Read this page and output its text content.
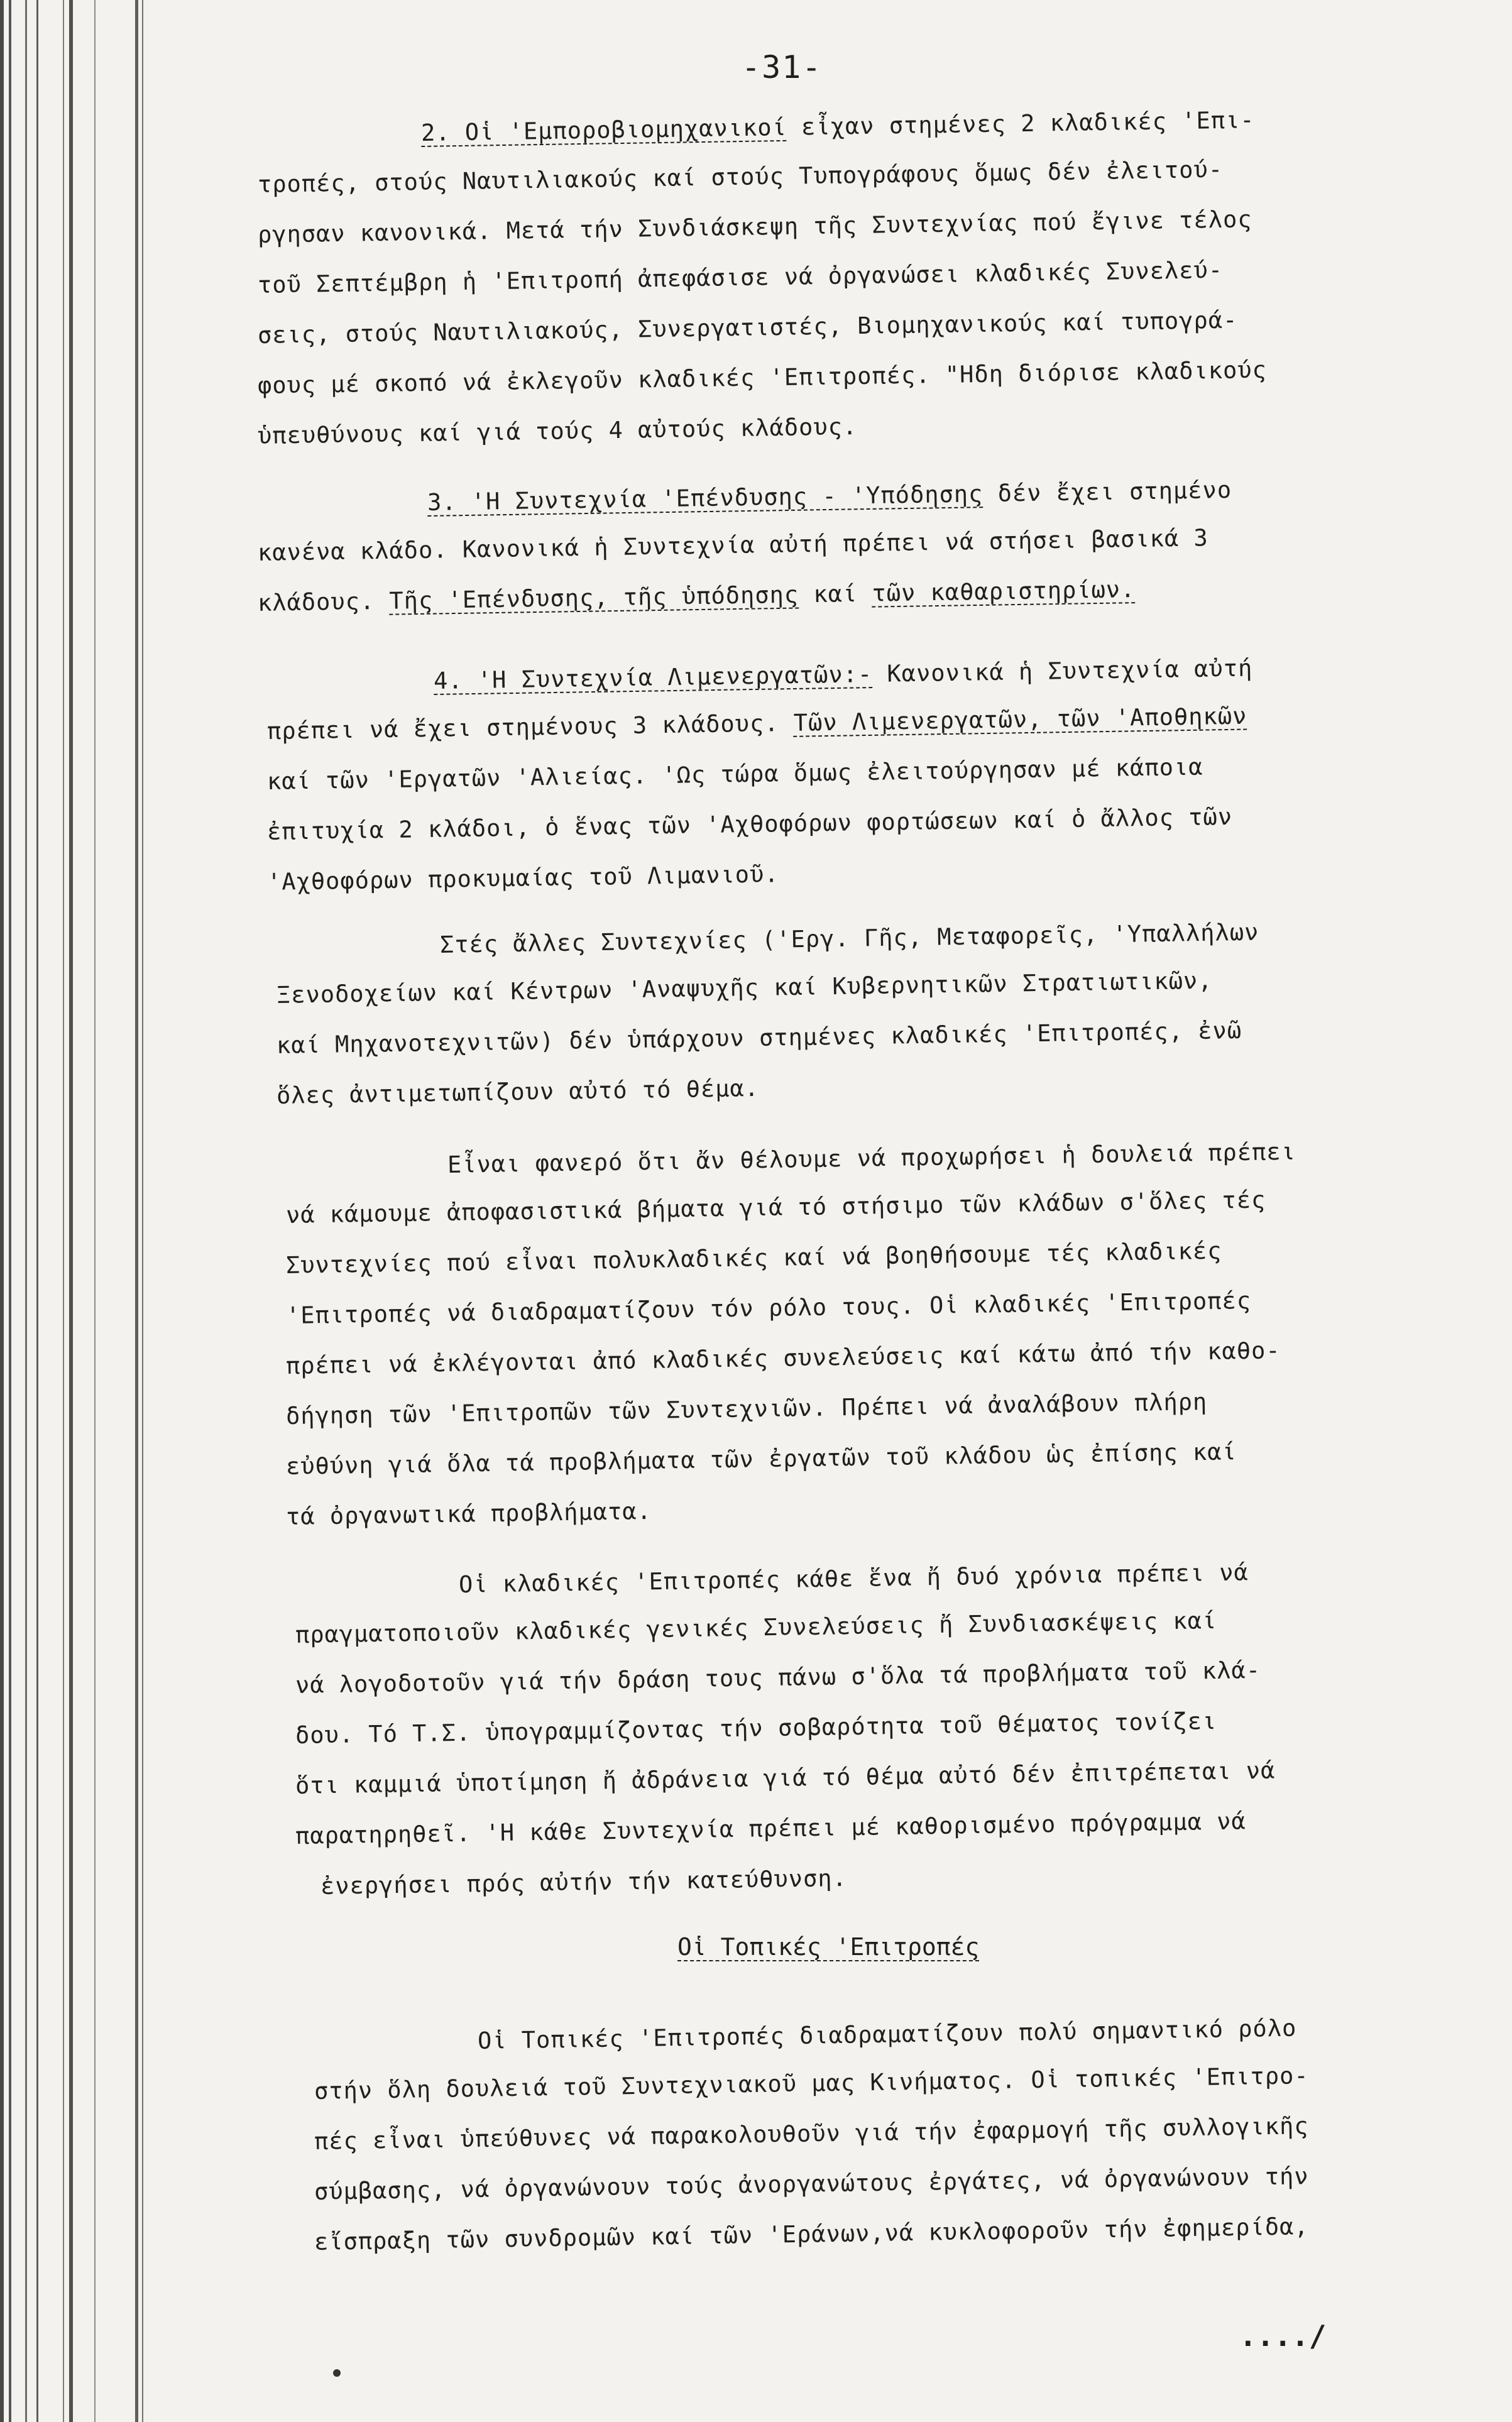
-31-
2. Οἱ 'Εμποροβιομηχανικοί εἶχαν στημένες 2 κλαδικές 'Επι-
τροπές, στούς Ναυτιλιακούς καί στούς Τυπογράφους ὅμως δέν ἐλειτού-
ργησαν κανονικά. Μετά τήν Συνδιάσκεψη τῆς Συντεχνίας πού ἔγινε τέλος
τοῦ Σεπτέμβρη ἡ 'Επιτροπή ἀπεφάσισε νά ὀργανώσει κλαδικές Συνελεύ-
σεις, στούς Ναυτιλιακούς, Συνεργατιστές, Βιομηχανικούς καί τυπογρά-
φους μέ σκοπό νά ἐκλεγοῦν κλαδικές 'Επιτροπές. "Ηδη διόρισε κλαδικούς
ὑπευθύνους καί γιά τούς 4 αὐτούς κλάδους.
3. 'Η Συντεχνία 'Επένδυσης - 'Υπόδησης δέν ἔχει στημένο
κανένα κλάδο. Κανονικά ἡ Συντεχνία αὐτή πρέπει νά στήσει βασικά 3
κλάδους. Τῆς 'Επένδυσης, τῆς ὑπόδησης καί τῶν καθαριστηρίων.
4. 'Η Συντεχνία Λιμενεργατῶν:- Κανονικά ἡ Συντεχνία αὐτή
πρέπει νά ἔχει στημένους 3 κλάδους. Τῶν Λιμενεργατῶν, τῶν 'Αποθηκῶν
καί τῶν 'Εργατῶν 'Αλιείας. 'Ως τώρα ὅμως ἐλειτούργησαν μέ κάποια
ἐπιτυχία 2 κλάδοι, ὁ ἕνας τῶν 'Αχθοφόρων φορτώσεων καί ὁ ἄλλος τῶν
'Αχθοφόρων προκυμαίας τοῦ Λιμανιοῦ.
Στές ἄλλες Συντεχνίες ('Εργ. Γῆς, Μεταφορεῖς, 'Υπαλλήλων
Ξενοδοχείων καί Κέντρων 'Αναψυχῆς καί Κυβερνητικῶν Στρατιωτικῶν,
καί Μηχανοτεχνιτῶν) δέν ὑπάρχουν στημένες κλαδικές 'Επιτροπές, ἐνῶ
ὅλες ἀντιμετωπίζουν αὐτό τό θέμα.
Εἶναι φανερό ὅτι ἄν θέλουμε νά προχωρήσει ἡ δουλειά πρέπει
νά κάμουμε ἀποφασιστικά βήματα γιά τό στήσιμο τῶν κλάδων σ'ὅλες τές
Συντεχνίες πού εἶναι πολυκλαδικές καί νά βοηθήσουμε τές κλαδικές
'Επιτροπές νά διαδραματίζουν τόν ρόλο τους. Οἱ κλαδικές 'Επιτροπές
πρέπει νά ἐκλέγονται ἀπό κλαδικές συνελεύσεις καί κάτω ἀπό τήν καθο-
δήγηση τῶν 'Επιτροπῶν τῶν Συντεχνιῶν. Πρέπει νά ἀναλάβουν πλήρη
εὐθύνη γιά ὅλα τά προβλήματα τῶν ἐργατῶν τοῦ κλάδου ὡς ἐπίσης καί
τά ὀργανωτικά προβλήματα.
Οἱ κλαδικές 'Επιτροπές κάθε ἕνα ἤ δυό χρόνια πρέπει νά
πραγματοποιοῦν κλαδικές γενικές Συνελεύσεις ἤ Συνδιασκέψεις καί
νά λογοδοτοῦν γιά τήν δράση τους πάνω σ'ὅλα τά προβλήματα τοῦ κλά-
δου. Τό Τ.Σ. ὑπογραμμίζοντας τήν σοβαρότητα τοῦ θέματος τονίζει
ὅτι καμμιά ὑποτίμηση ἤ ἀδράνεια γιά τό θέμα αὐτό δέν ἐπιτρέπεται νά
παρατηρηθεῖ. 'Η κάθε Συντεχνία πρέπει μέ καθορισμένο πρόγραμμα νά
ἐνεργήσει πρός αὐτήν τήν κατεύθυνση.
Οἱ Τοπικές 'Επιτροπές διαδραματίζουν πολύ σημαντικό ρόλο
στήν ὅλη δουλειά τοῦ Συντεχνιακοῦ μας Κινήματος. Οἱ τοπικές 'Επιτρο-
πές εἶναι ὑπεύθυνες νά παρακολουθοῦν γιά τήν ἐφαρμογή τῆς συλλογικῆς
σύμβασης, νά ὀργανώνουν τούς ἀνοργανώτους ἐργάτες, νά ὀργανώνουν τήν
εἴσπραξη τῶν συνδρομῶν καί τῶν 'Εράνων,νά κυκλοφοροῦν τήν ἐφημερίδα,
Οἱ Τοπικές 'Επιτροπές
..../
